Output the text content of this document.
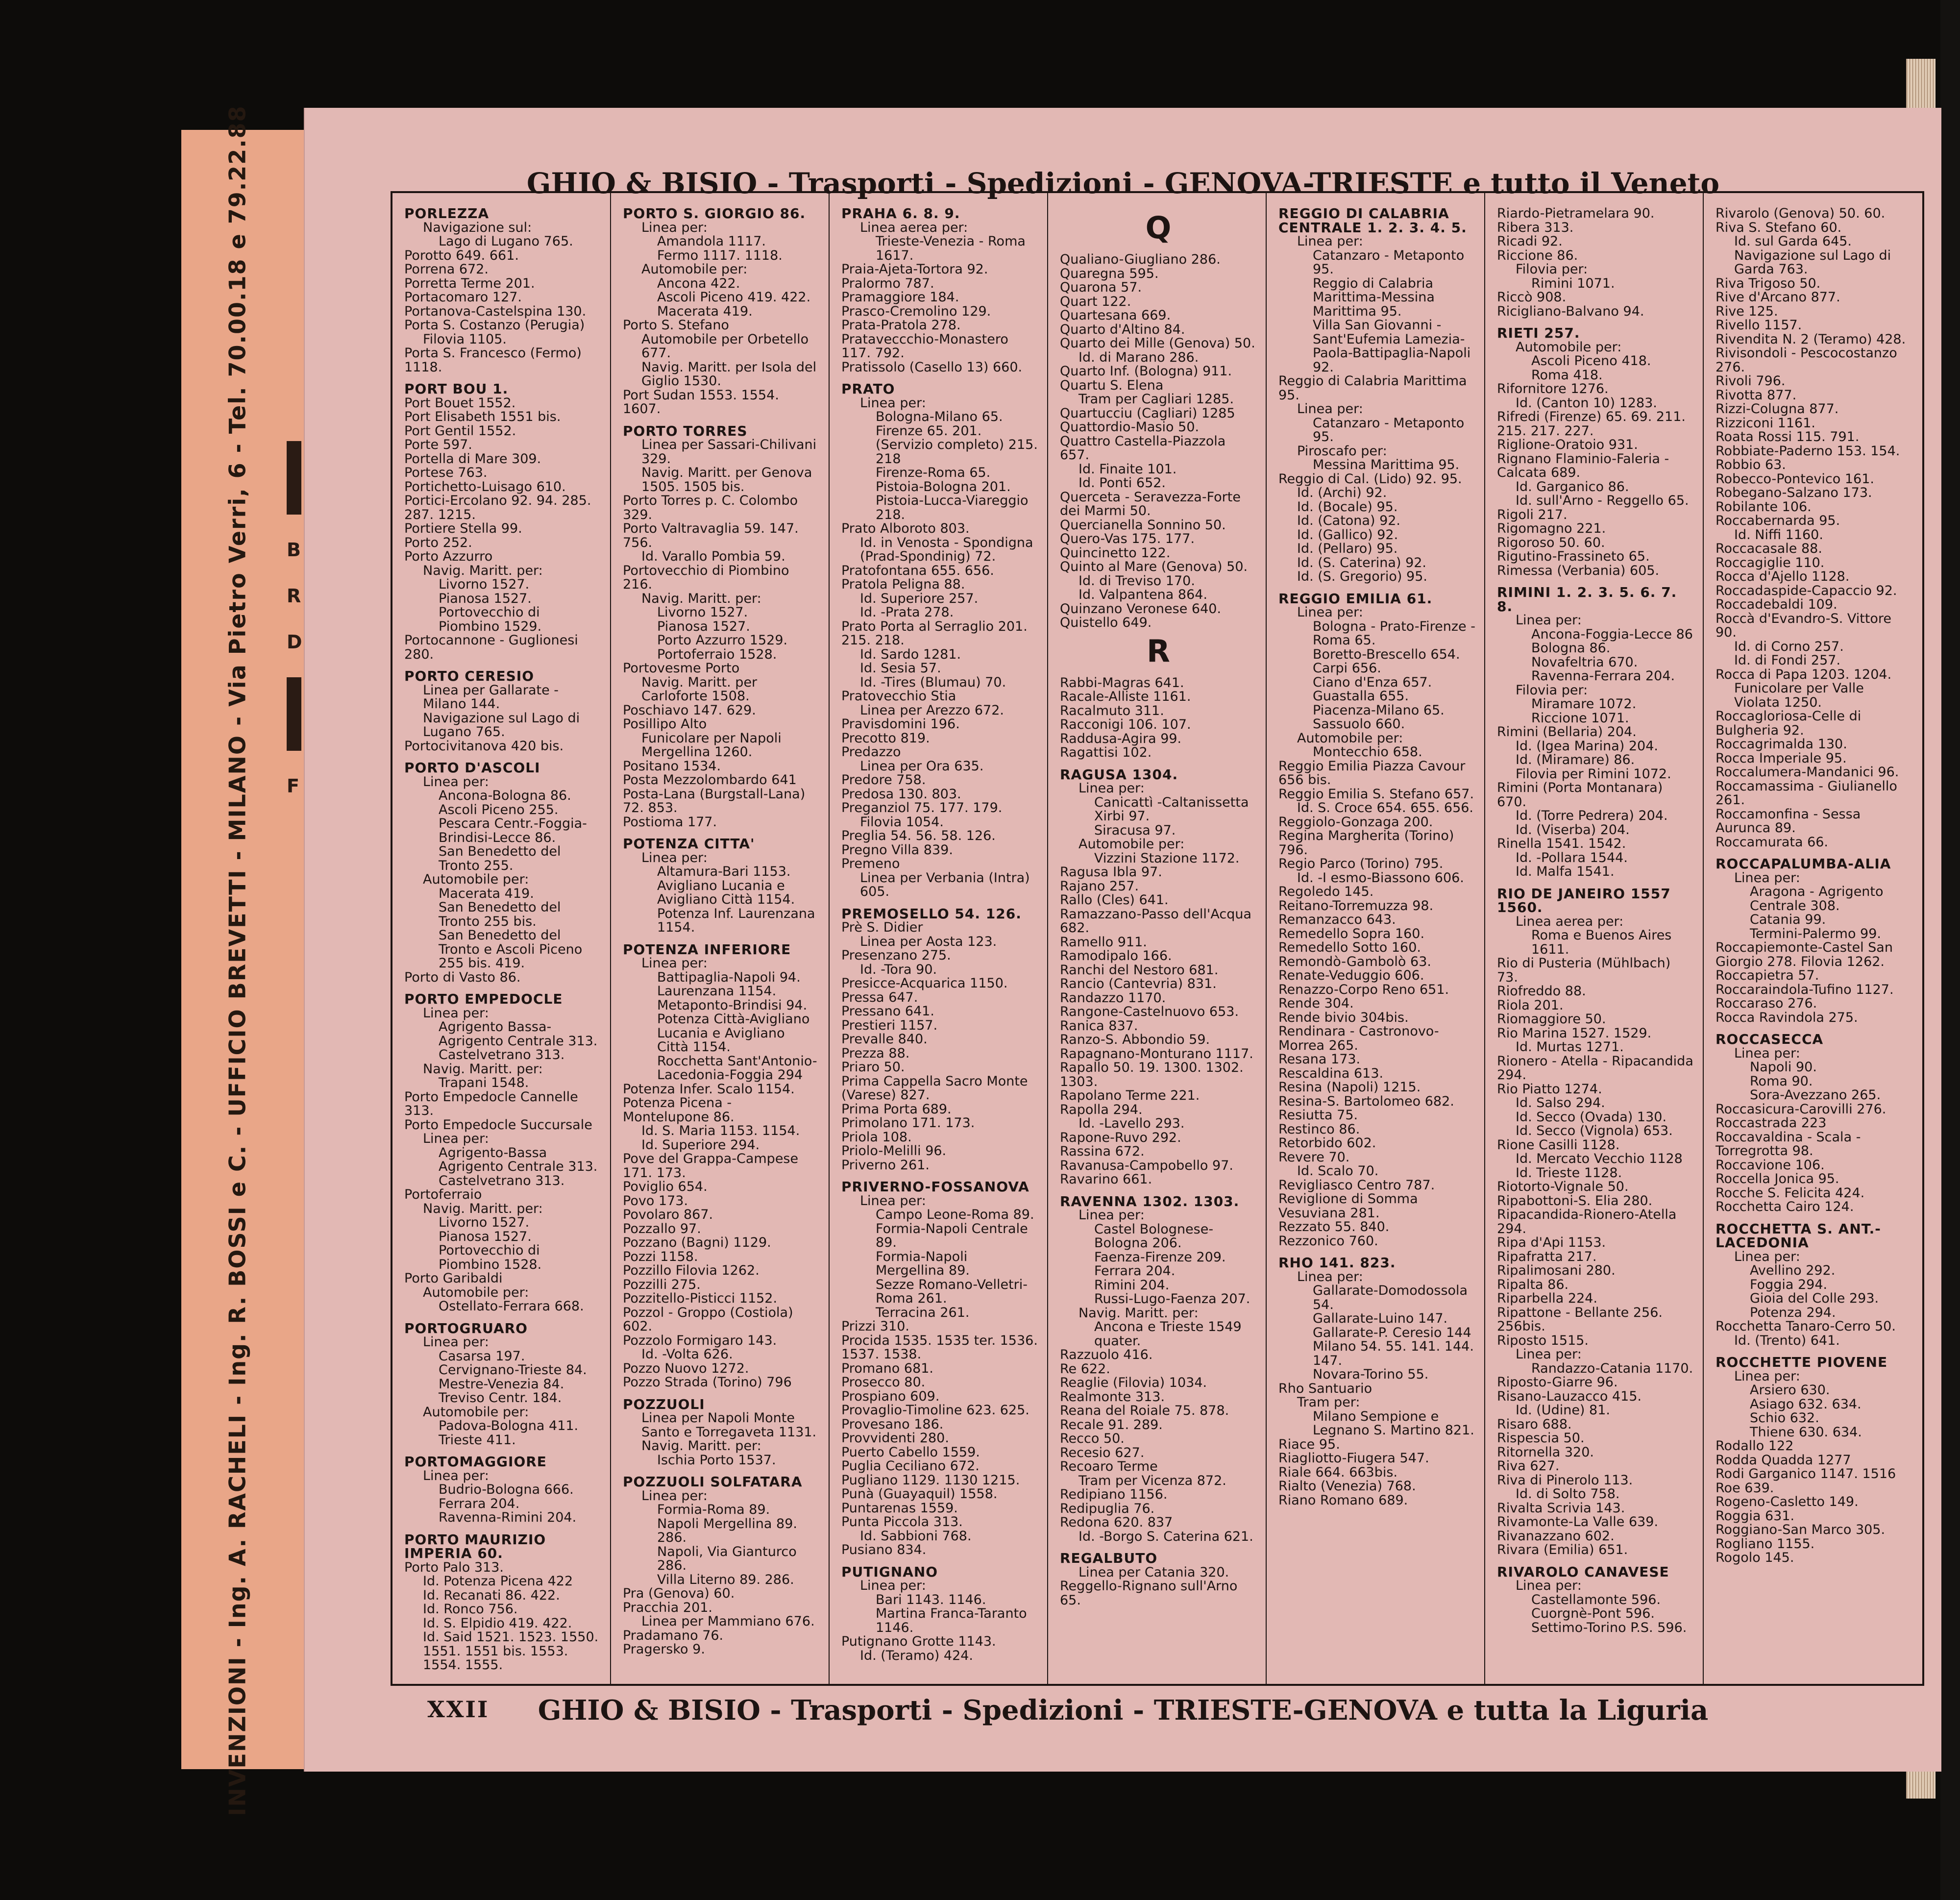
INVENZIONI - Ing. A. RACHELI - Ing. R. BOSSI e C. - UFFICIO BREVETTI - MILANO - Via Pietro Verri, 6 - Tel. 70.00.18 e 79.22.88 B
R
D
F
GHIO & BISIO - Trasporti - Spedizioni - GENOVA-TRIESTE e tutto il Veneto
PORLEZZA
Navigazione sul:
Lago di Lugano 765.
Porotto 649. 661.
Porrena 672.
Porretta Terme 201.
Portacomaro 127.
Portanova-Castelspina 130.
Porta S. Costanzo (Perugia)
Filovia 1105.
Porta S. Francesco (Fermo) 1118.
PORT BOU 1.
Port Bouet 1552.
Port Elisabeth 1551 bis.
Port Gentil 1552.
Porte 597.
Portella di Mare 309.
Portese 763.
Portichetto-Luisago 610.
Portici-Ercolano 92. 94. 285. 287. 1215.
Portiere Stella 99.
Porto 252.
Porto Azzurro
Navig. Maritt. per:
Livorno 1527.
Pianosa 1527.
Portovecchio di Piombino 1529.
Portocannone - Guglionesi 280.
PORTO CERESIO
Linea per Gallarate - Milano 144.
Navigazione sul Lago di Lugano 765.
Portocivitanova 420 bis.
PORTO D'ASCOLI
Linea per:
Ancona-Bologna 86.
Ascoli Piceno 255.
Pescara Centr.-Foggia-Brindisi-Lecce 86.
San Benedetto del Tronto 255.
Automobile per:
Macerata 419.
San Benedetto del Tronto 255 bis.
San Benedetto del Tronto e Ascoli Piceno 255 bis. 419.
Porto di Vasto 86.
PORTO EMPEDOCLE
Linea per:
Agrigento Bassa-Agrigento Centrale 313.
Castelvetrano 313.
Navig. Maritt. per:
Trapani 1548.
Porto Empedocle Cannelle 313.
Porto Empedocle Succursale
Linea per:
Agrigento-Bassa Agrigento Centrale 313.
Castelvetrano 313.
Portoferraio
Navig. Maritt. per:
Livorno 1527.
Pianosa 1527.
Portovecchio di Piombino 1528.
Porto Garibaldi
Automobile per:
Ostellato-Ferrara 668.
PORTOGRUARO
Linea per:
Casarsa 197.
Cervignano-Trieste 84.
Mestre-Venezia 84.
Treviso Centr. 184.
Automobile per:
Padova-Bologna 411.
Trieste 411.
PORTOMAGGIORE
Linea per:
Budrio-Bologna 666.
Ferrara 204.
Ravenna-Rimini 204.
PORTO MAURIZIO IMPERIA 60.
Porto Palo 313.
Id. Potenza Picena 422
Id. Recanati 86. 422.
Id. Ronco 756.
Id. S. Elpidio 419. 422.
Id. Said 1521. 1523. 1550. 1551. 1551 bis. 1553. 1554. 1555.
PORTO S. GIORGIO 86.
Linea per:
Amandola 1117.
Fermo 1117. 1118.
Automobile per:
Ancona 422.
Ascoli Piceno 419. 422.
Macerata 419.
Porto S. Stefano
Automobile per Orbetello 677.
Navig. Maritt. per Isola del Giglio 1530.
Port Sudan 1553. 1554. 1607.
PORTO TORRES
Linea per Sassari-Chilivani 329.
Navig. Maritt. per Genova 1505. 1505 bis.
Porto Torres p. C. Colombo 329.
Porto Valtravaglia 59. 147. 756.
Id. Varallo Pombia 59.
Portovecchio di Piombino 216.
Navig. Maritt. per:
Livorno 1527.
Pianosa 1527.
Porto Azzurro 1529.
Portoferraio 1528.
Portovesme Porto
Navig. Maritt. per Carloforte 1508.
Poschiavo 147. 629.
Posillipo Alto
Funicolare per Napoli Mergellina 1260.
Positano 1534.
Posta Mezzolombardo 641
Posta-Lana (Burgstall-Lana) 72. 853.
Postioma 177.
POTENZA CITTA'
Linea per:
Altamura-Bari 1153.
Avigliano Lucania e Avigliano Città 1154.
Potenza Inf. Laurenzana 1154.
POTENZA INFERIORE
Linea per:
Battipaglia-Napoli 94.
Laurenzana 1154.
Metaponto-Brindisi 94.
Potenza Città-Avigliano Lucania e Avigliano Città 1154.
Rocchetta Sant'Antonio-Lacedonia-Foggia 294
Potenza Infer. Scalo 1154.
Potenza Picena - Montelupone 86.
Id. S. Maria 1153. 1154.
Id. Superiore 294.
Pove del Grappa-Campese 171. 173.
Poviglio 654.
Povo 173.
Povolaro 867.
Pozzallo 97.
Pozzano (Bagni) 1129.
Pozzi 1158.
Pozzillo Filovia 1262.
Pozzilli 275.
Pozzitello-Pisticci 1152.
Pozzol - Groppo (Costiola) 602.
Pozzolo Formigaro 143.
Id. -Volta 626.
Pozzo Nuovo 1272.
Pozzo Strada (Torino) 796
POZZUOLI
Linea per Napoli Monte Santo e Torregaveta 1131.
Navig. Maritt. per:
Ischia Porto 1537.
POZZUOLI SOLFATARA
Linea per:
Formia-Roma 89.
Napoli Mergellina 89. 286.
Napoli, Via Gianturco 286.
Villa Literno 89. 286.
Pra (Genova) 60.
Pracchia 201.
Linea per Mammiano 676.
Pradamano 76.
Pragersko 9.
PRAHA 6. 8. 9.
Linea aerea per:
Trieste-Venezia - Roma 1617.
Praia-Ajeta-Tortora 92.
Pralormo 787.
Pramaggiore 184.
Prasco-Cremolino 129.
Prata-Pratola 278.
Prataveccchio-Monastero 117. 792.
Pratissolo (Casello 13) 660.
PRATO
Linea per:
Bologna-Milano 65.
Firenze 65. 201. (Servizio completo) 215. 218
Firenze-Roma 65.
Pistoia-Bologna 201.
Pistoia-Lucca-Viareggio 218.
Prato Alboroto 803.
Id. in Venosta - Spondigna (Prad-Spondinig) 72.
Pratofontana 655. 656.
Pratola Peligna 88.
Id. Superiore 257.
Id. -Prata 278.
Prato Porta al Serraglio 201. 215. 218.
Id. Sardo 1281.
Id. Sesia 57.
Id. -Tires (Blumau) 70.
Pratovecchio Stia
Linea per Arezzo 672.
Pravisdomini 196.
Precotto 819.
Predazzo
Linea per Ora 635.
Predore 758.
Predosa 130. 803.
Preganziol 75. 177. 179.
Filovia 1054.
Preglia 54. 56. 58. 126.
Pregno Villa 839.
Premeno
Linea per Verbania (Intra) 605.
PREMOSELLO 54. 126.
Prè S. Didier
Linea per Aosta 123.
Presenzano 275.
Id. -Tora 90.
Presicce-Acquarica 1150.
Pressa 647.
Pressano 641.
Prestieri 1157.
Prevalle 840.
Prezza 88.
Priaro 50.
Prima Cappella Sacro Monte (Varese) 827.
Prima Porta 689.
Primolano 171. 173.
Priola 108.
Priolo-Melilli 96.
Priverno 261.
PRIVERNO-FOSSANOVA
Linea per:
Campo Leone-Roma 89.
Formia-Napoli Centrale 89.
Formia-Napoli Mergellina 89.
Sezze Romano-Velletri-Roma 261.
Terracina 261.
Prizzi 310.
Procida 1535. 1535 ter. 1536. 1537. 1538.
Promano 681.
Prosecco 80.
Prospiano 609.
Provaglio-Timoline 623. 625.
Provesano 186.
Provvidenti 280.
Puerto Cabello 1559.
Puglia Ceciliano 672.
Pugliano 1129. 1130 1215.
Punà (Guayaquil) 1558.
Puntarenas 1559.
Punta Piccola 313.
Id. Sabbioni 768.
Pusiano 834.
PUTIGNANO
Linea per:
Bari 1143. 1146.
Martina Franca-Taranto 1146.
Putignano Grotte 1143.
Id. (Teramo) 424.
Q
Qualiano-Giugliano 286.
Quaregna 595.
Quarona 57.
Quart 122.
Quartesana 669.
Quarto d'Altino 84.
Quarto dei Mille (Genova) 50.
Id. di Marano 286.
Quarto Inf. (Bologna) 911.
Quartu S. Elena
Tram per Cagliari 1285.
Quartucciu (Cagliari) 1285
Quattordio-Masio 50.
Quattro Castella-Piazzola 657.
Id. Finaite 101.
Id. Ponti 652.
Querceta - Seravezza-Forte dei Marmi 50.
Quercianella Sonnino 50.
Quero-Vas 175. 177.
Quincinetto 122.
Quinto al Mare (Genova) 50.
Id. di Treviso 170.
Id. Valpantena 864.
Quinzano Veronese 640.
Quistello 649.
R
Rabbi-Magras 641.
Racale-Alliste 1161.
Racalmuto 311.
Racconigi 106. 107.
Raddusa-Agira 99.
Ragattisi 102.
RAGUSA 1304.
Linea per:
Canicattì -Caltanissetta Xirbi 97.
Siracusa 97.
Automobile per:
Vizzini Stazione 1172.
Ragusa Ibla 97.
Rajano 257.
Rallo (Cles) 641.
Ramazzano-Passo dell'Acqua 682.
Ramello 911.
Ramodipalo 166.
Ranchi del Nestoro 681.
Rancio (Cantevria) 831.
Randazzo 1170.
Rangone-Castelnuovo 653.
Ranica 837.
Ranzo-S. Abbondio 59.
Rapagnano-Monturano 1117.
Rapallo 50. 19. 1300. 1302. 1303.
Rapolano Terme 221.
Rapolla 294.
Id. -Lavello 293.
Rapone-Ruvo 292.
Rassina 672.
Ravanusa-Campobello 97.
Ravarino 661.
RAVENNA 1302. 1303.
Linea per:
Castel Bolognese-Bologna 206.
Faenza-Firenze 209.
Ferrara 204.
Rimini 204.
Russi-Lugo-Faenza 207.
Navig. Maritt. per:
Ancona e Trieste 1549 quater.
Razzuolo 416.
Re 622.
Reaglie (Filovia) 1034.
Realmonte 313.
Reana del Roiale 75. 878.
Recale 91. 289.
Recco 50.
Recesio 627.
Recoaro Terme
Tram per Vicenza 872.
Redipiano 1156.
Redipuglia 76.
Redona 620. 837
Id. -Borgo S. Caterina 621.
REGALBUTO
Linea per Catania 320.
Reggello-Rignano sull'Arno 65.
REGGIO DI CALABRIA CENTRALE 1. 2. 3. 4. 5.
Linea per:
Catanzaro - Metaponto 95.
Reggio di Calabria Marittima-Messina Marittima 95.
Villa San Giovanni - Sant'Eufemia Lamezia-Paola-Battipaglia-Napoli 92.
Reggio di Calabria Marittima 95.
Linea per:
Catanzaro - Metaponto 95.
Piroscafo per:
Messina Marittima 95.
Reggio di Cal. (Lido) 92. 95.
Id. (Archi) 92.
Id. (Bocale) 95.
Id. (Catona) 92.
Id. (Gallico) 92.
Id. (Pellaro) 95.
Id. (S. Caterina) 92.
Id. (S. Gregorio) 95.
REGGIO EMILIA 61.
Linea per:
Bologna - Prato-Firenze -Roma 65.
Boretto-Brescello 654.
Carpi 656.
Ciano d'Enza 657.
Guastalla 655.
Piacenza-Milano 65.
Sassuolo 660.
Automobile per:
Montecchio 658.
Reggio Emilia Piazza Cavour 656 bis.
Reggio Emilia S. Stefano 657.
Id. S. Croce 654. 655. 656.
Reggiolo-Gonzaga 200.
Regina Margherita (Torino) 796.
Regio Parco (Torino) 795.
Id. -I esmo-Biassono 606.
Regoledo 145.
Reitano-Torremuzza 98.
Remanzacco 643.
Remedello Sopra 160.
Remedello Sotto 160.
Remondò-Gambolò 63.
Renate-Veduggio 606.
Renazzo-Corpo Reno 651.
Rende 304.
Rende bivio 304bis.
Rendinara - Castronovo-Morrea 265.
Resana 173.
Rescaldina 613.
Resina (Napoli) 1215.
Resina-S. Bartolomeo 682.
Resiutta 75.
Restinco 86.
Retorbido 602.
Revere 70.
Id. Scalo 70.
Revigliasco Centro 787.
Reviglione di Somma Vesuviana 281.
Rezzato 55. 840.
Rezzonico 760.
RHO 141. 823.
Linea per:
Gallarate-Domodossola 54.
Gallarate-Luino 147.
Gallarate-P. Ceresio 144
Milano 54. 55. 141. 144. 147.
Novara-Torino 55.
Rho Santuario
Tram per:
Milano Sempione e Legnano S. Martino 821.
Riace 95.
Riagliotto-Fiugera 547.
Riale 664. 663bis.
Rialto (Venezia) 768.
Riano Romano 689.
Riardo-Pietramelara 90.
Ribera 313.
Ricadi 92.
Riccione 86.
Filovia per:
Rimini 1071.
Riccò 908.
Ricigliano-Balvano 94.
RIETI 257.
Automobile per:
Ascoli Piceno 418.
Roma 418.
Rifornitore 1276.
Id. (Canton 10) 1283.
Rifredi (Firenze) 65. 69. 211. 215. 217. 227.
Riglione-Oratoio 931.
Rignano Flaminio-Faleria - Calcata 689.
Id. Garganico 86.
Id. sull'Arno - Reggello 65.
Rigoli 217.
Rigomagno 221.
Rigoroso 50. 60.
Rigutino-Frassineto 65.
Rimessa (Verbania) 605.
RIMINI 1. 2. 3. 5. 6. 7. 8.
Linea per:
Ancona-Foggia-Lecce 86
Bologna 86.
Novafeltria 670.
Ravenna-Ferrara 204.
Filovia per:
Miramare 1072.
Riccione 1071.
Rimini (Bellaria) 204.
Id. (Igea Marina) 204.
Id. (Miramare) 86.
Filovia per Rimini 1072.
Rimini (Porta Montanara) 670.
Id. (Torre Pedrera) 204.
Id. (Viserba) 204.
Rinella 1541. 1542.
Id. -Pollara 1544.
Id. Malfa 1541.
RIO DE JANEIRO 1557 1560.
Linea aerea per:
Roma e Buenos Aires 1611.
Rio di Pusteria (Mühlbach) 73.
Riofreddo 88.
Riola 201.
Riomaggiore 50.
Rio Marina 1527. 1529.
Id. Murtas 1271.
Rionero - Atella - Ripacandida 294.
Rio Piatto 1274.
Id. Salso 294.
Id. Secco (Ovada) 130.
Id. Secco (Vignola) 653.
Rione Casilli 1128.
Id. Mercato Vecchio 1128
Id. Trieste 1128.
Riotorto-Vignale 50.
Ripabottoni-S. Elia 280.
Ripacandida-Rionero-Atella 294.
Ripa d'Api 1153.
Ripafratta 217.
Ripalimosani 280.
Ripalta 86.
Riparbella 224.
Ripattone - Bellante 256. 256bis.
Riposto 1515.
Linea per:
Randazzo-Catania 1170.
Riposto-Giarre 96.
Risano-Lauzacco 415.
Id. (Udine) 81.
Risaro 688.
Rispescia 50.
Ritornella 320.
Riva 627.
Riva di Pinerolo 113.
Id. di Solto 758.
Rivalta Scrivia 143.
Rivamonte-La Valle 639.
Rivanazzano 602.
Rivara (Emilia) 651.
RIVAROLO CANAVESE
Linea per:
Castellamonte 596.
Cuorgnè-Pont 596.
Settimo-Torino P.S. 596.
Rivarolo (Genova) 50. 60.
Riva S. Stefano 60.
Id. sul Garda 645.
Navigazione sul Lago di Garda 763.
Riva Trigoso 50.
Rive d'Arcano 877.
Rive 125.
Rivello 1157.
Rivendita N. 2 (Teramo) 428.
Rivisondoli - Pescocostanzo 276.
Rivoli 796.
Rivotta 877.
Rizzi-Colugna 877.
Rizziconi 1161.
Roata Rossi 115. 791.
Robbiate-Paderno 153. 154.
Robbio 63.
Robecco-Pontevico 161.
Robegano-Salzano 173.
Robilante 106.
Roccabernarda 95.
Id. Niffi 1160.
Roccacasale 88.
Roccagiglie 110.
Rocca d'Ajello 1128.
Roccadaspide-Capaccio 92.
Roccadebaldi 109.
Roccà d'Evandro-S. Vittore 90.
Id. di Corno 257.
Id. di Fondi 257.
Rocca di Papa 1203. 1204.
Funicolare per Valle Violata 1250.
Roccagloriosa-Celle di Bulgheria 92.
Roccagrimalda 130.
Rocca Imperiale 95.
Roccalumera-Mandanici 96.
Roccamassima - Giulianello 261.
Roccamonfina - Sessa Aurunca 89.
Roccamurata 66.
ROCCAPALUMBA-ALIA
Linea per:
Aragona - Agrigento Centrale 308.
Catania 99.
Termini-Palermo 99.
Roccapiemonte-Castel San Giorgio 278. Filovia 1262.
Roccapietra 57.
Roccaraindola-Tufino 1127.
Roccaraso 276.
Rocca Ravindola 275.
ROCCASECCA
Linea per:
Napoli 90.
Roma 90.
Sora-Avezzano 265.
Roccasicura-Carovilli 276.
Roccastrada 223
Roccavaldina - Scala - Torregrotta 98.
Roccavione 106.
Roccella Jonica 95.
Rocche S. Felicita 424.
Rocchetta Cairo 124.
ROCCHETTA S. ANT.-LACEDONIA
Linea per:
Avellino 292.
Foggia 294.
Gioia del Colle 293.
Potenza 294.
Rocchetta Tanaro-Cerro 50.
Id. (Trento) 641.
ROCCHETTE PIOVENE
Linea per:
Arsiero 630.
Asiago 632. 634.
Schio 632.
Thiene 630. 634.
Rodallo 122
Rodda Quadda 1277
Rodi Garganico 1147. 1516
Roe 639.
Rogeno-Casletto 149.
Roggia 631.
Roggiano-San Marco 305.
Rogliano 1155.
Rogolo 145.
XXII GHIO & BISIO - Trasporti - Spedizioni - TRIESTE-GENOVA e tutta la Liguria
